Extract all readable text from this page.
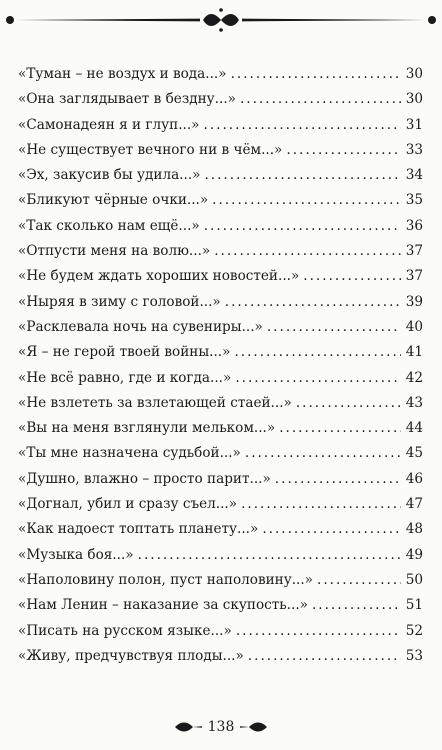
«Туман – не воздух и вода...» .....	30
«Она заглядывает в бездну...» .....	30
«Самонадеян я и глуп...» .....	31
«Не существует вечного ни в чём...» .....	33
«Эх, закусив бы удила...» .....	34
«Бликуют чёрные очки...» .....	35
«Так сколько нам ещё...» .....	36
«Отпусти меня на волю...» .....	37
«Не будем ждать хороших новостей...» .....	37
«Ныряя в зиму с головой...» .....	39
«Расклевала ночь на сувениры...» .....	40
«Я – не герой твоей войны...» .....	41
«Не всё равно, где и когда...» .....	42
«Не взлететь за взлетающей стаей...» .....	43
«Вы на меня взглянули мельком...» .....	44
«Ты мне назначена судьбой...» .....	45
«Душно, влажно – просто парит...» .....	46
«Догнал, убил и сразу съел...» .....	47
«Как надоест топтать планету...» .....	48
«Музыка боя...» .....	49
«Наполовину полон, пуст наполовину...» .....	50
«Нам Ленин – наказание за скупость...» .....	51
«Писать на русском языке...» .....	52
«Живу, предчувствуя плоды...» .....	53
138
